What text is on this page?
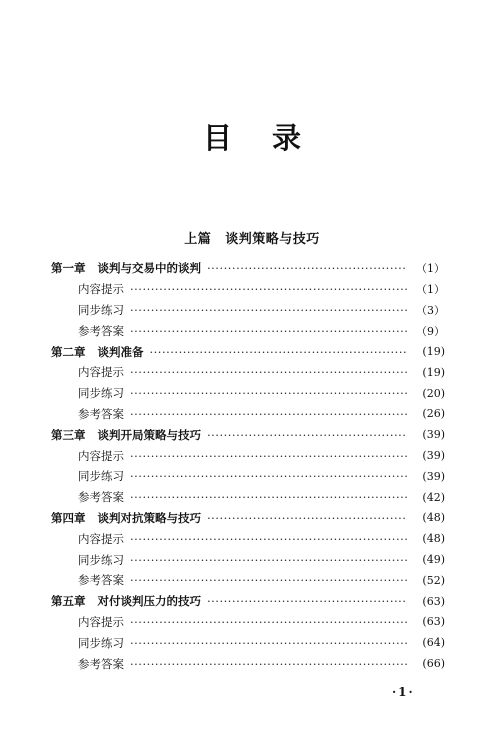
目录
上篇 谈判策略与技巧
第一章 谈判与交易中的谈判 ·····	（1）
内容提示 ·····	（1）
同步练习 ·····	（3）
参考答案 ·····	（9）
第二章 谈判准备 ·····	(19)
内容提示 ·····	(19)
同步练习 ·····	(20)
参考答案 ·····	(26)
第三章 谈判开局策略与技巧 ·····	(39)
内容提示 ·····	(39)
同步练习 ·····	(39)
参考答案 ·····	(42)
第四章 谈判对抗策略与技巧 ·····	(48)
内容提示 ·····	(48)
同步练习 ·····	(49)
参考答案 ·····	(52)
第五章 对付谈判压力的技巧 ·····	(63)
内容提示 ·····	(63)
同步练习 ·····	(64)
参考答案 ·····	(66)
·1·
